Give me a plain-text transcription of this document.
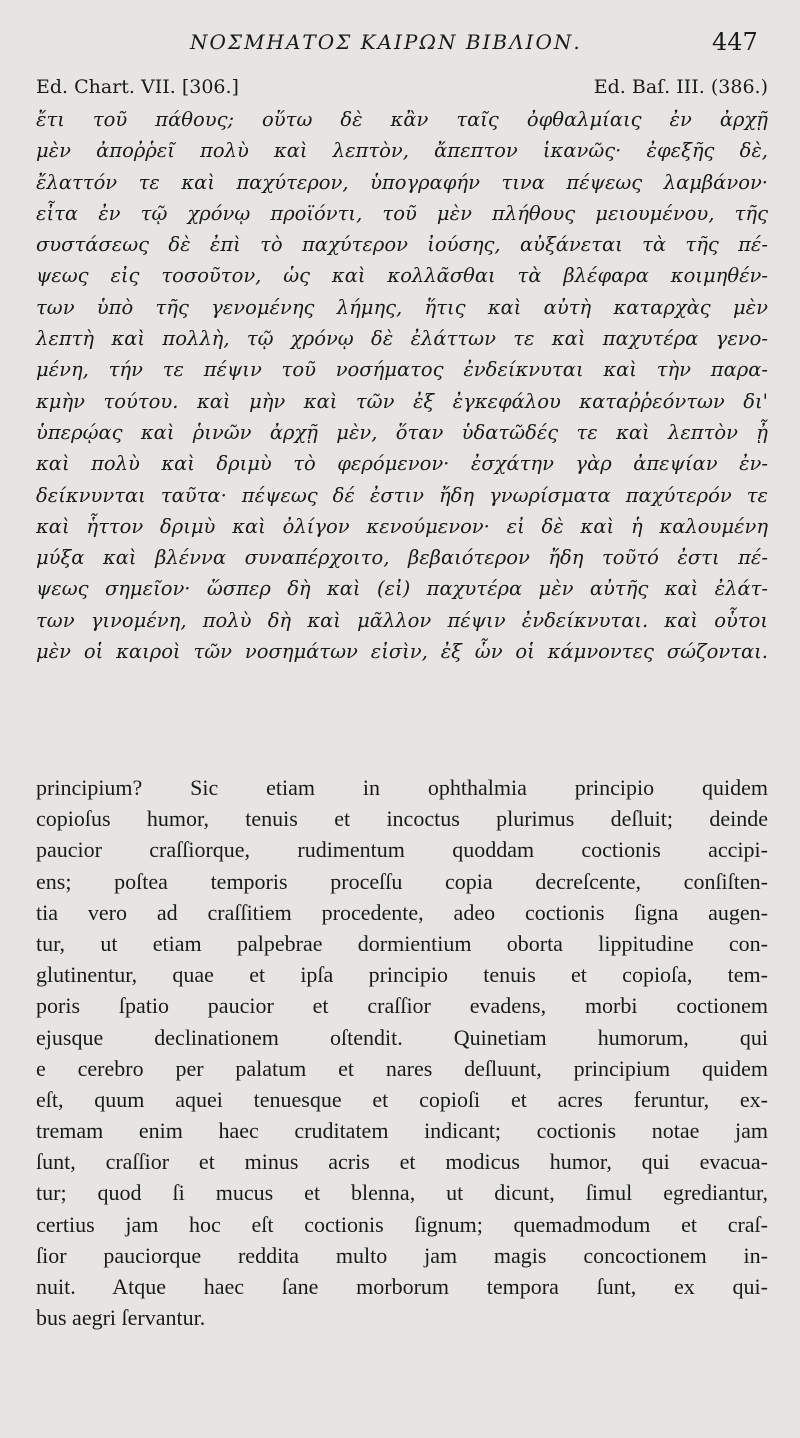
ΝΟΣΜΗΑΤΟΣ ΚΑΙΡΩΝ ΒΙΒΛΙΟΝ.	447
Ed. Chart. VII. [306.]	Ed. Baſ. III. (386.)
ἔτι τοῦ πάθους; οὕτω δὲ κἂν ταῖς ὀφθαλμίαις ἐν ἀρχῇ
μὲν ἀποῤῥεῖ πολὺ καὶ λεπτὸν, ἄπεπτον ἱκανῶς· ἐφεξῆς δὲ,
ἔλαττόν τε καὶ παχύτερον, ὑπογραφήν τινα πέψεως λαμβάνον·
εἶτα ἐν τῷ χρόνῳ προϊόντι, τοῦ μὲν πλήθους μειουμένου, τῆς
συστάσεως δὲ ἐπὶ τὸ παχύτερον ἰούσης, αὐξάνεται τὰ τῆς πέ-
ψεως εἰς τοσοῦτον, ὡς καὶ κολλᾶσθαι τὰ βλέφαρα κοιμηθέν-
των ὑπὸ τῆς γενομένης λήμης, ἥτις καὶ αὐτὴ καταρχὰς μὲν
λεπτὴ καὶ πολλὴ, τῷ χρόνῳ δὲ ἐλάττων τε καὶ παχυτέρα γενο-
μένη, τήν τε πέψιν τοῦ νοσήματος ἐνδείκνυται καὶ τὴν παρα-
κμὴν τούτου. καὶ μὴν καὶ τῶν ἐξ ἐγκεφάλου καταῤῥεόντων δι'
ὑπερῴας καὶ ῥινῶν ἀρχῇ μὲν, ὅταν ὑδατῶδές τε καὶ λεπτὸν ᾖ
καὶ πολὺ καὶ δριμὺ τὸ φερόμενον· ἐσχάτην γὰρ ἀπεψίαν ἐν-
δείκνυνται ταῦτα· πέψεως δέ ἐστιν ἤδη γνωρίσματα παχύτερόν τε
καὶ ἧττον δριμὺ καὶ ὀλίγον κενούμενον· εἰ δὲ καὶ ἡ καλουμένη
μύξα καὶ βλέννα συναπέρχοιτο, βεβαιότερον ἤδη τοῦτό ἐστι πέ-
ψεως σημεῖον· ὥσπερ δὴ καὶ (εἰ) παχυτέρα μὲν αὐτῆς καὶ ἐλάτ-
των γινομένη, πολὺ δὴ καὶ μᾶλλον πέψιν ἐνδείκνυται. καὶ οὗτοι
μὲν οἱ καιροὶ τῶν νοσημάτων εἰσὶν, ἐξ ὧν οἱ κάμνοντες σώζονται.
principium? Sic etiam in ophthalmia principio quidem
copioſus humor, tenuis et incoctus plurimus deſluit; deinde
paucior craſſiorque, rudimentum quoddam coctionis accipi-
ens; poſtea temporis proceſſu copia decreſcente, conſiſten-
tia vero ad craſſitiem procedente, adeo coctionis ſigna augen-
tur, ut etiam palpebrae dormientium oborta lippitudine con-
glutinentur, quae et ipſa principio tenuis et copioſa, tem-
poris ſpatio paucior et craſſior evadens, morbi coctionem
ejusque declinationem oſtendit. Quinetiam humorum, qui
e cerebro per palatum et nares deſluunt, principium quidem
eſt, quum aquei tenuesque et copioſi et acres feruntur, ex-
tremam enim haec cruditatem indicant; coctionis notae jam
ſunt, craſſior et minus acris et modicus humor, qui evacua-
tur; quod ſi mucus et blenna, ut dicunt, ſimul egrediantur,
certius jam hoc eſt coctionis ſignum; quemadmodum et craſ-
ſior pauciorque reddita multo jam magis concoctionem in-
nuit. Atque haec ſane morborum tempora ſunt, ex qui-
bus aegri ſervantur.
